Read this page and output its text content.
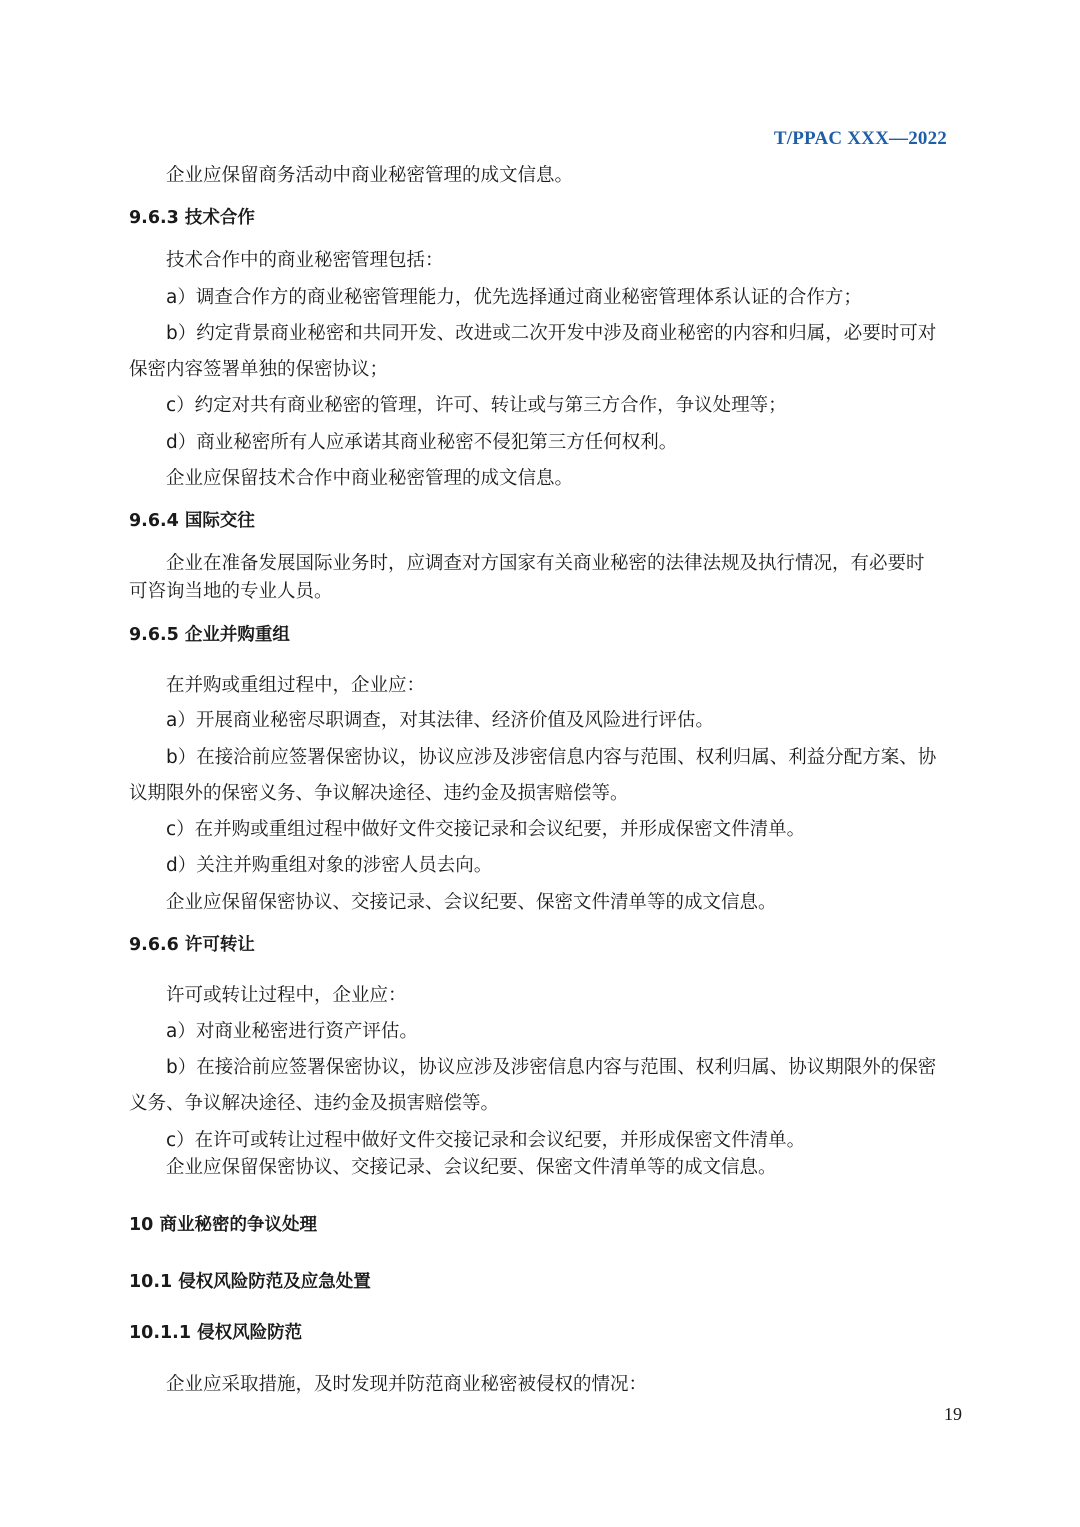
T/PPAC XXX—2022
企业应保留商务活动中商业秘密管理的成文信息。
9.6.3 技术合作
技术合作中的商业秘密管理包括：
a）调查合作方的商业秘密管理能力，优先选择通过商业秘密管理体系认证的合作方；
b）约定背景商业秘密和共同开发、改进或二次开发中涉及商业秘密的内容和归属，必要时可对
保密内容签署单独的保密协议；
c）约定对共有商业秘密的管理，许可、转让或与第三方合作，争议处理等；
d）商业秘密所有人应承诺其商业秘密不侵犯第三方任何权利。
企业应保留技术合作中商业秘密管理的成文信息。
9.6.4 国际交往
企业在准备发展国际业务时，应调查对方国家有关商业秘密的法律法规及执行情况，有必要时
可咨询当地的专业人员。
9.6.5 企业并购重组
在并购或重组过程中，企业应：
a）开展商业秘密尽职调查，对其法律、经济价值及风险进行评估。
b）在接洽前应签署保密协议，协议应涉及涉密信息内容与范围、权利归属、利益分配方案、协
议期限外的保密义务、争议解决途径、违约金及损害赔偿等。
c）在并购或重组过程中做好文件交接记录和会议纪要，并形成保密文件清单。
d）关注并购重组对象的涉密人员去向。
企业应保留保密协议、交接记录、会议纪要、保密文件清单等的成文信息。
9.6.6 许可转让
许可或转让过程中，企业应：
a）对商业秘密进行资产评估。
b）在接洽前应签署保密协议，协议应涉及涉密信息内容与范围、权利归属、协议期限外的保密
义务、争议解决途径、违约金及损害赔偿等。
c）在许可或转让过程中做好文件交接记录和会议纪要，并形成保密文件清单。
企业应保留保密协议、交接记录、会议纪要、保密文件清单等的成文信息。
10 商业秘密的争议处理
10.1 侵权风险防范及应急处置
10.1.1 侵权风险防范
企业应采取措施，及时发现并防范商业秘密被侵权的情况：
19
